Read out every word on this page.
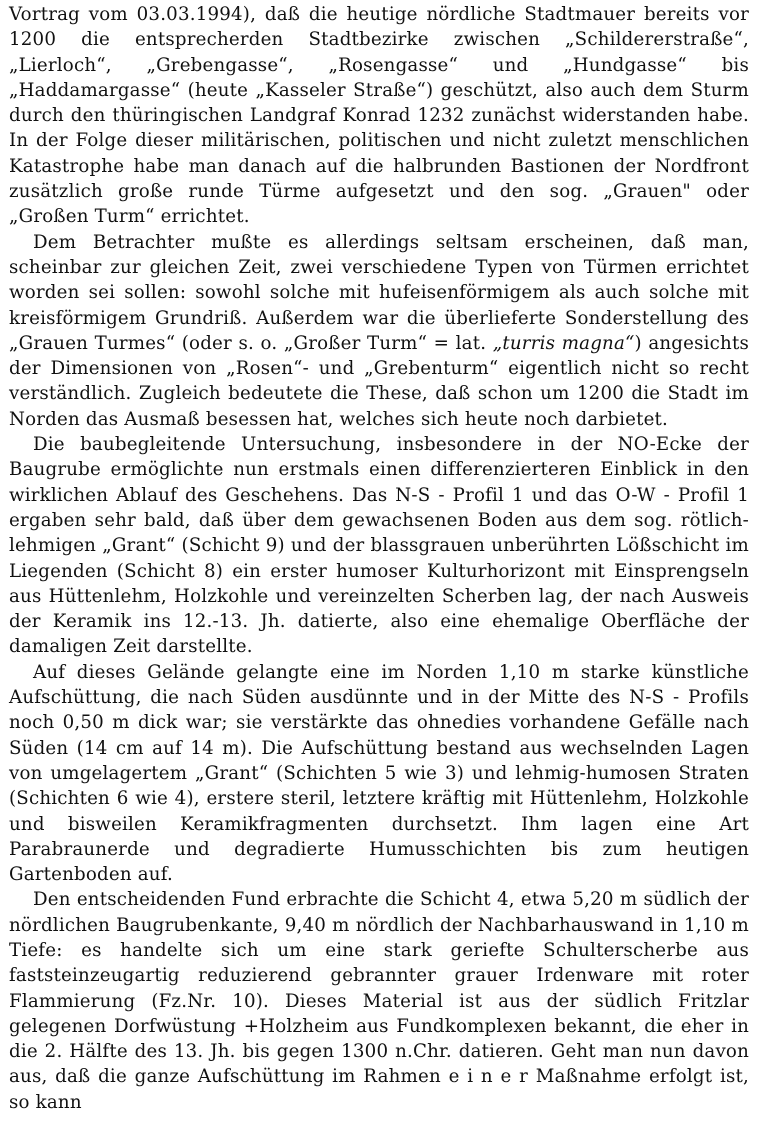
Vortrag vom 03.03.1994), daß die heutige nördliche Stadtmauer bereits vor 1200 die entsprecherden Stadtbezirke zwischen „Schildererstraße“, „Lierloch“, „Grebengasse“, „Rosengasse“ und „Hundgasse“ bis „Haddamargasse“ (heute „Kasseler Straße“) geschützt, also auch dem Sturm durch den thüringischen Landgraf Konrad 1232 zunächst widerstanden habe. In der Folge dieser militärischen, politischen und nicht zuletzt menschlichen Katastrophe habe man danach auf die halbrunden Bastionen der Nordfront zusätzlich große runde Türme aufgesetzt und den sog. „Grauen" oder „Großen Turm“ errichtet.

Dem Betrachter mußte es allerdings seltsam erscheinen, daß man, scheinbar zur gleichen Zeit, zwei verschiedene Typen von Türmen errichtet worden sei sollen: sowohl solche mit hufeisenförmigem als auch solche mit kreisförmigem Grundriß. Außerdem war die überlieferte Sonderstellung des „Grauen Turmes“ (oder s. o. „Großer Turm“ = lat. „turris magna“) angesichts der Dimensionen von „Rosen“- und „Grebenturm“ eigentlich nicht so recht verständlich. Zugleich bedeutete die These, daß schon um 1200 die Stadt im Norden das Ausmaß besessen hat, welches sich heute noch darbietet.

Die baubegleitende Untersuchung, insbesondere in der NO-Ecke der Baugrube ermöglichte nun erstmals einen differenzierteren Einblick in den wirklichen Ablauf des Geschehens. Das N-S - Profil 1 und das O-W - Profil 1 ergaben sehr bald, daß über dem gewachsenen Boden aus dem sog. rötlich-lehmigen „Grant“ (Schicht 9) und der blassgrauen unberührten Lößschicht im Liegenden (Schicht 8) ein erster humoser Kulturhorizont mit Einsprengseln aus Hüttenlehm, Holzkohle und vereinzelten Scherben lag, der nach Ausweis der Keramik ins 12.-13. Jh. datierte, also eine ehemalige Oberfläche der damaligen Zeit darstellte.

Auf dieses Gelände gelangte eine im Norden 1,10 m starke künstliche Aufschüttung, die nach Süden ausdünnte und in der Mitte des N-S - Profils noch 0,50 m dick war; sie verstärkte das ohnedies vorhandene Gefälle nach Süden (14 cm auf 14 m). Die Aufschüttung bestand aus wechselnden Lagen von umgelagertem „Grant“ (Schichten 5 wie 3) und lehmig-humosen Straten (Schichten 6 wie 4), erstere steril, letztere kräftig mit Hüttenlehm, Holzkohle und bisweilen Keramikfragmenten durchsetzt. Ihm lagen eine Art Parabraunerde und degradierte Humusschichten bis zum heutigen Gartenboden auf.

Den entscheidenden Fund erbrachte die Schicht 4, etwa 5,20 m südlich der nördlichen Baugrubenkante, 9,40 m nördlich der Nachbarhauswand in 1,10 m Tiefe: es handelte sich um eine stark geriefte Schulterscherbe aus faststeinzeugartig reduzierend gebrannter grauer Irdenware mit roter Flammierung (Fz.Nr. 10). Dieses Material ist aus der südlich Fritzlar gelegenen Dorfwüstung +Holzheim aus Fundkomplexen bekannt, die eher in die 2. Hälfte des 13. Jh. bis gegen 1300 n.Chr. datieren. Geht man nun davon aus, daß die ganze Aufschüttung im Rahmen e i n e r Maßnahme erfolgt ist, so kann
